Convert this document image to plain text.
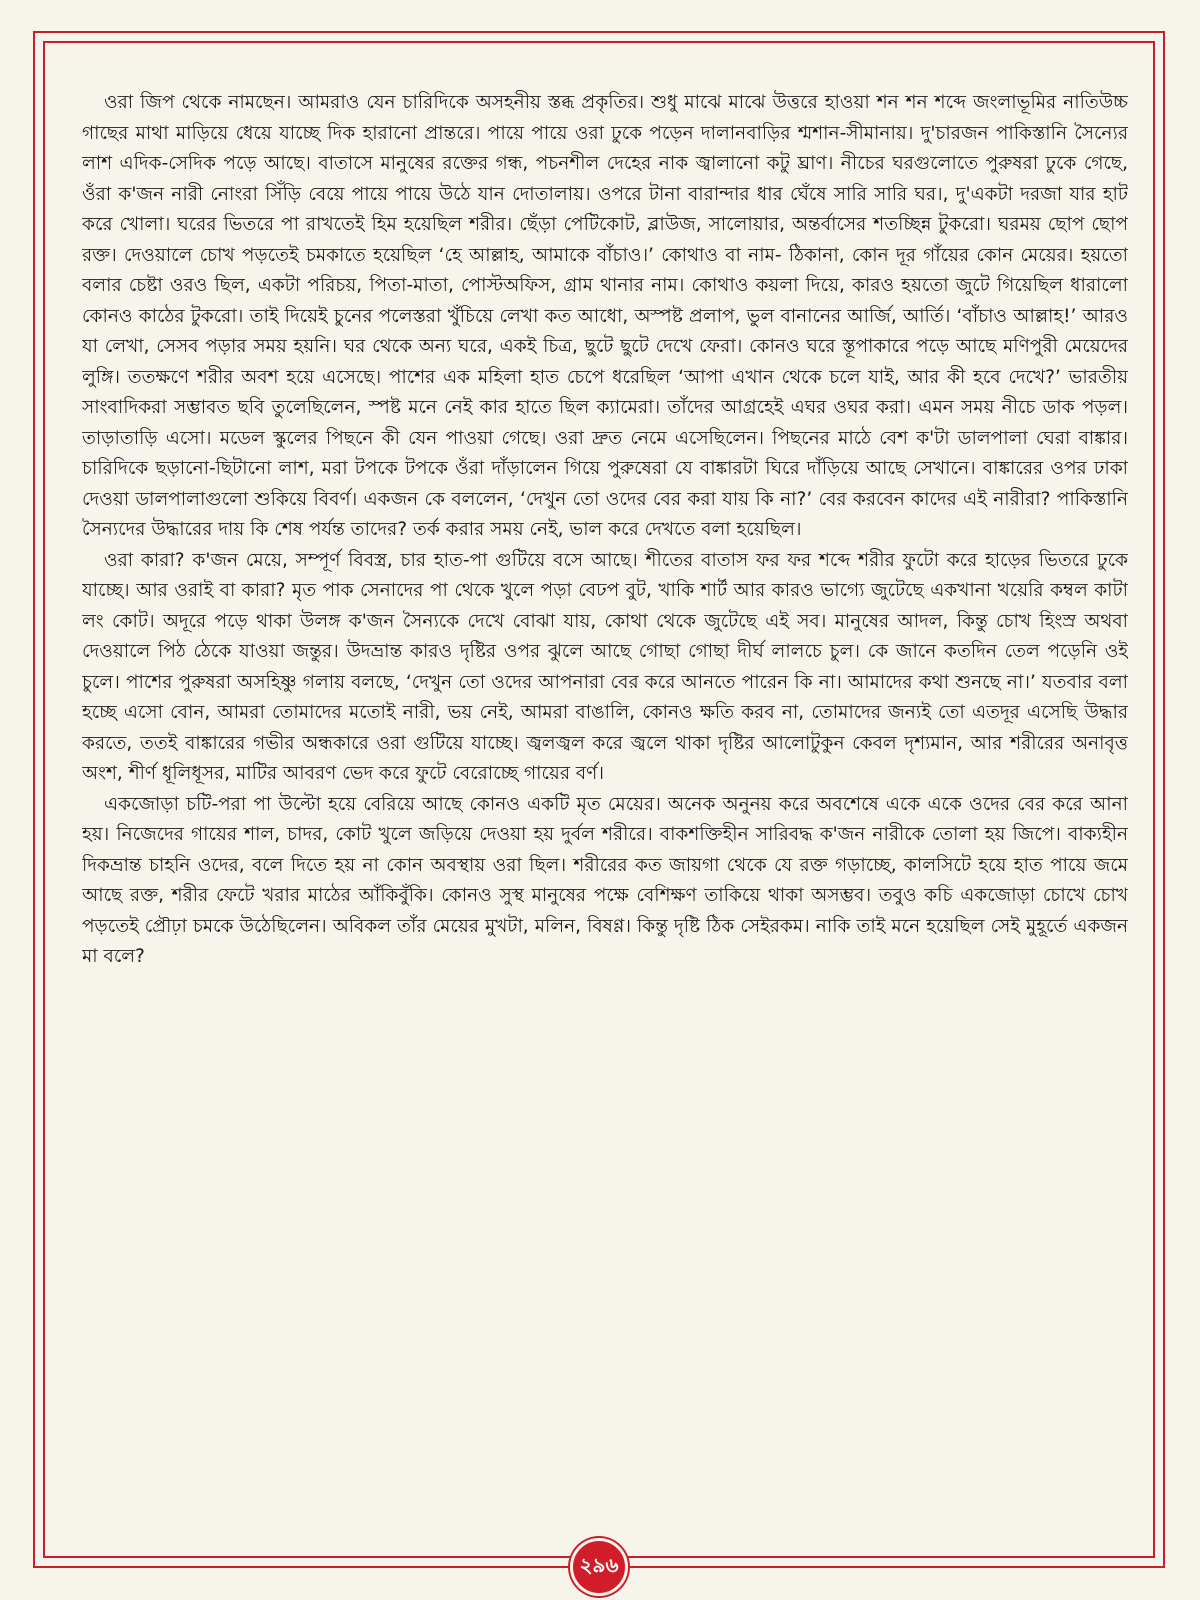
ওরা জিপ থেকে নামছেন। আমরাও যেন চারিদিকে অসহনীয় স্তব্ধ প্রকৃতির। শুধু মাঝে মাঝে উত্তরে হাওয়া শন শন শব্দে জংলাভূমির নাতিউচ্চ গাছের মাথা মাড়িয়ে ধেয়ে যাচ্ছে দিক হারানো প্রান্তরে। পায়ে পায়ে ওরা ঢুকে পড়েন দালানবাড়ির শ্মশান-সীমানায়। দু'চারজন পাকিস্তানি সৈন্যের লাশ এদিক-সেদিক পড়ে আছে। বাতাসে মানুষের রক্তের গন্ধ, পচনশীল দেহের নাক জ্বালানো কটু ঘ্রাণ। নীচের ঘরগুলোতে পুরুষরা ঢুকে গেছে, ওঁরা ক'জন নারী নোংরা সিঁড়ি বেয়ে পায়ে পায়ে উঠে যান দোতালায়। ওপরে টানা বারান্দার ধার ঘেঁষে সারি সারি ঘর।, দু'একটা দরজা যার হাট করে খোলা। ঘরের ভিতরে পা রাখতেই হিম হয়েছিল শরীর। ছেঁড়া পেটিকোট, ব্লাউজ, সালোয়ার, অন্তর্বাসের শতচ্ছিন্ন টুকরো। ঘরময় ছোপ ছোপ রক্ত। দেওয়ালে চোখ পড়তেই চমকাতে হয়েছিল ‘হে আল্লাহ, আমাকে বাঁচাও।’ কোথাও বা নাম- ঠিকানা, কোন দূর গাঁয়ের কোন মেয়ের। হয়তো বলার চেষ্টা ওরও ছিল, একটা পরিচয়, পিতা-মাতা, পোস্টঅফিস, গ্রাম থানার নাম। কোথাও কয়লা দিয়ে, কারও হয়তো জুটে গিয়েছিল ধারালো কোনও কাঠের টুকরো। তাই দিয়েই চুনের পলেস্তরা খুঁচিয়ে লেখা কত আধো, অস্পষ্ট প্রলাপ, ভুল বানানের আর্জি, আর্তি। ‘বাঁচাও আল্লাহ!’ আরও যা লেখা, সেসব পড়ার সময় হয়নি। ঘর থেকে অন্য ঘরে, একই চিত্র, ছুটে ছুটে দেখে ফেরা। কোনও ঘরে স্তূপাকারে পড়ে আছে মণিপুরী মেয়েদের লুঙ্গি। ততক্ষণে শরীর অবশ হয়ে এসেছে। পাশের এক মহিলা হাত চেপে ধরেছিল ‘আপা এখান থেকে চলে যাই, আর কী হবে দেখে?’ ভারতীয় সাংবাদিকরা সম্ভাবত ছবি তুলেছিলেন, স্পষ্ট মনে নেই কার হাতে ছিল ক্যামেরা। তাঁদের আগ্রহেই এঘর ওঘর করা। এমন সময় নীচে ডাক পড়ল। তাড়াতাড়ি এসো। মডেল স্কুলের পিছনে কী যেন পাওয়া গেছে। ওরা দ্রুত নেমে এসেছিলেন। পিছনের মাঠে বেশ ক'টা ডালপালা ঘেরা বাঙ্কার। চারিদিকে ছড়ানো-ছিটানো লাশ, মরা টপকে টপকে ওঁরা দাঁড়ালেন গিয়ে পুরুষেরা যে বাঙ্কারটা ঘিরে দাঁড়িয়ে আছে সেখানে। বাঙ্কারের ওপর ঢাকা দেওয়া ডালপালাগুলো শুকিয়ে বিবর্ণ। একজন কে বললেন, ‘দেখুন তো ওদের বের করা যায় কি না?’ বের করবেন কাদের এই নারীরা? পাকিস্তানি সৈন্যদের উদ্ধারের দায় কি শেষ পর্যন্ত তাদের? তর্ক করার সময় নেই, ভাল করে দেখতে বলা হয়েছিল।

ওরা কারা? ক'জন মেয়ে, সম্পূর্ণ বিবস্ত্র, চার হাত-পা গুটিয়ে বসে আছে। শীতের বাতাস ফর ফর শব্দে শরীর ফুটো করে হাড়ের ভিতরে ঢুকে যাচ্ছে। আর ওরাই বা কারা? মৃত পাক সেনাদের পা থেকে খুলে পড়া বেঢপ বুট, খাকি শার্ট আর কারও ভাগ্যে জুটেছে একখানা খয়েরি কম্বল কাটা লং কোট। অদূরে পড়ে থাকা উলঙ্গ ক'জন সৈন্যকে দেখে বোঝা যায়, কোথা থেকে জুটেছে এই সব। মানুষের আদল, কিন্তু চোখ হিংস্র অথবা দেওয়ালে পিঠ ঠেকে যাওয়া জন্তুর। উদভ্রান্ত কারও দৃষ্টির ওপর ঝুলে আছে গোছা গোছা দীর্ঘ লালচে চুল। কে জানে কতদিন তেল পড়েনি ওই চুলে। পাশের পুরুষরা অসহিষ্ণু গলায় বলছে, ‘দেখুন তো ওদের আপনারা বের করে আনতে পারেন কি না। আমাদের কথা শুনছে না।’ যতবার বলা হচ্ছে এসো বোন, আমরা তোমাদের মতোই নারী, ভয় নেই, আমরা বাঙালি, কোনও ক্ষতি করব না, তোমাদের জন্যই তো এতদূর এসেছি উদ্ধার করতে, ততই বাঙ্কারের গভীর অন্ধকারে ওরা গুটিয়ে যাচ্ছে। জ্বলজ্বল করে জ্বলে থাকা দৃষ্টির আলোটুকুন কেবল দৃশ্যমান, আর শরীরের অনাবৃত্ত অংশ, শীর্ণ ধূলিধূসর, মাটির আবরণ ভেদ করে ফুটে বেরোচ্ছে গায়ের বর্ণ।

একজোড়া চটি-পরা পা উল্টো হয়ে বেরিয়ে আছে কোনও একটি মৃত মেয়ের। অনেক অনুনয় করে অবশেষে একে একে ওদের বের করে আনা হয়। নিজেদের গায়ের শাল, চাদর, কোট খুলে জড়িয়ে দেওয়া হয় দুর্বল শরীরে। বাকশক্তিহীন সারিবদ্ধ ক'জন নারীকে তোলা হয় জিপে। বাক্যহীন দিকভ্রান্ত চাহনি ওদের, বলে দিতে হয় না কোন অবস্থায় ওরা ছিল। শরীরের কত জায়গা থেকে যে রক্ত গড়াচ্ছে, কালসিটে হয়ে হাত পায়ে জমে আছে রক্ত, শরীর ফেটে খরার মাঠের আঁকিবুঁকি। কোনও সুস্থ মানুষের পক্ষে বেশিক্ষণ তাকিয়ে থাকা অসম্ভব। তবুও কচি একজোড়া চোখে চোখ পড়তেই প্রৌঢ়া চমকে উঠেছিলেন। অবিকল তাঁর মেয়ের মুখটা, মলিন, বিষণ্ণ। কিন্তু দৃষ্টি ঠিক সেইরকম। নাকি তাই মনে হয়েছিল সেই মুহূর্তে একজন মা বলে?

২৯৬
